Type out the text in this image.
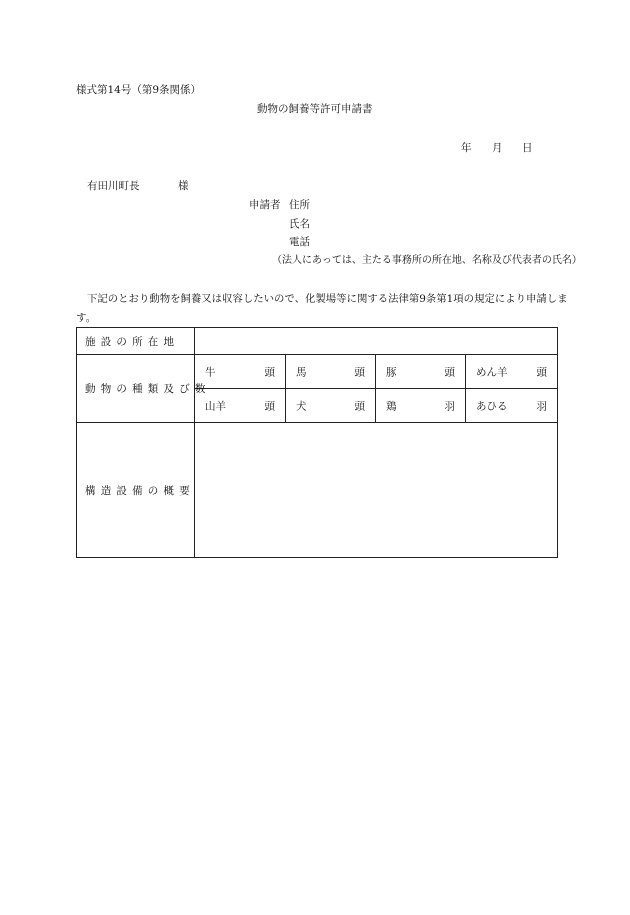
様式第14号（第9条関係）
動物の飼養等許可申請書
年 月 日
有田川町長	様
申請者 住所
氏名
電話
（法人にあっては、主たる事務所の所在地、名称及び代表者の氏名）
下記のとおり動物を飼養又は収容したいので、化製場等に関する法律第9条第1項の規定により申請しま
す。
施設の所在地				
動物の種類及び数	牛 頭	馬 頭	豚 頭	めん羊 頭

	山羊 頭	犬 頭	鶏 羽	あひる 羽

構造設備の概要				
